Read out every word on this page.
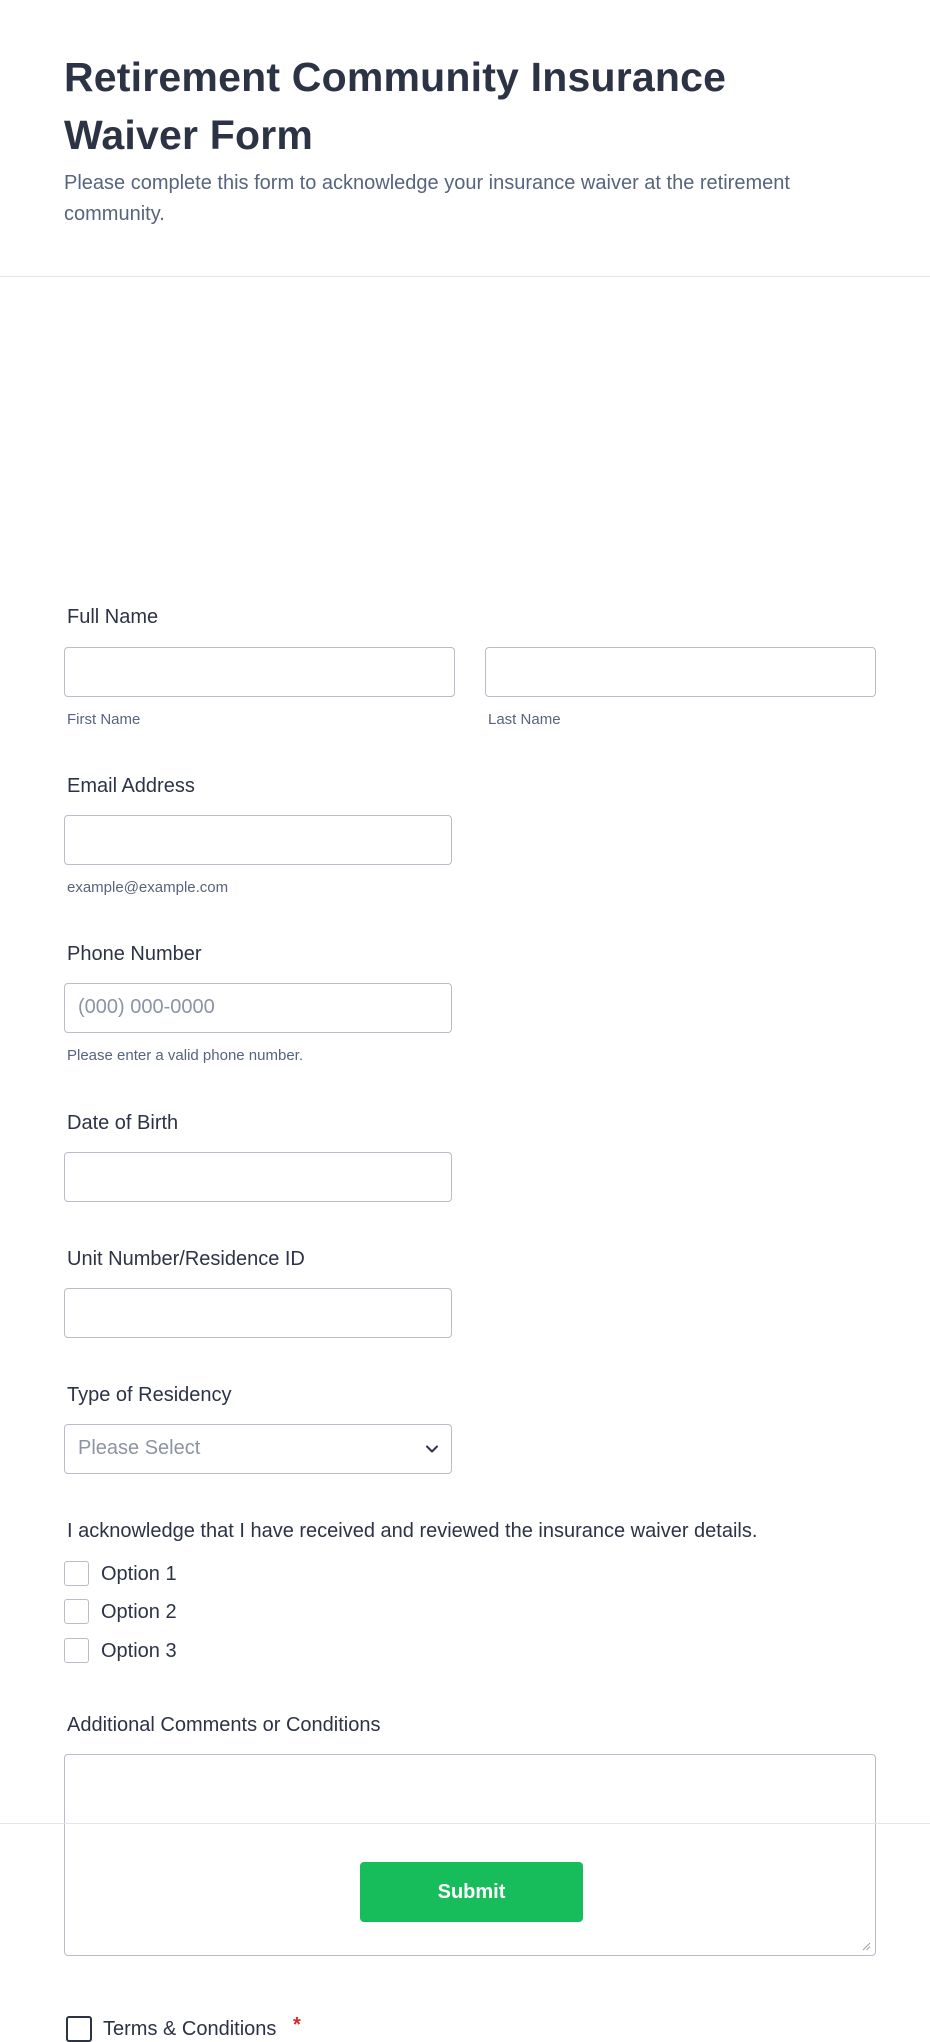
Retirement Community Insurance Waiver Form
Please complete this form to acknowledge your insurance waiver at the retirement community.
Full Name
First Name	Last Name
Email Address
example@example.com
Phone Number
(000) 000-0000
Please enter a valid phone number.
Date of Birth
Unit Number/Residence ID
Type of Residency
Please Select
I acknowledge that I have received and reviewed the insurance waiver details.
Option 1
Option 2
Option 3
Additional Comments or Conditions
Terms & Conditions *
Submit
